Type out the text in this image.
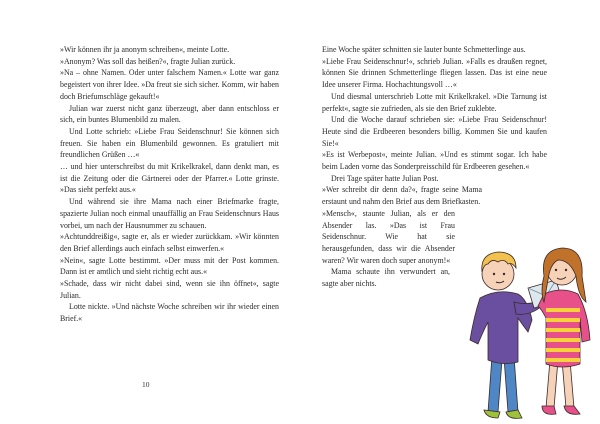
»Wir können ihr ja anonym schreiben«, meinte Lotte.

»Anonym? Was soll das heißen?«, fragte Julian zurück.

»Na – ohne Namen. Oder unter falschem Namen.« Lotte war ganz begeistert von ihrer Idee. »Da freut sie sich sicher. Komm, wir haben doch Briefumschläge gekauft!«

Julian war zuerst nicht ganz überzeugt, aber dann entschloss er sich, ein buntes Blumenbild zu malen.

Und Lotte schrieb: »Liebe Frau Seidenschnur! Sie können sich freuen. Sie haben ein Blumenbild gewonnen. Es gratuliert mit freundlichen Grüßen …«

… und hier unterschreibst du mit Krikelkrakel, dann denkt man, es ist die Zeitung oder die Gärtnerei oder der Pfarrer.« Lotte grinste. »Das sieht perfekt aus.«

Und während sie ihre Mama nach einer Briefmarke fragte, spazierte Julian noch einmal unauffällig an Frau Seidenschnurs Haus vorbei, um nach der Hausnummer zu schauen.

»Achtunddreißig«, sagte er, als er wieder zurückkam. »Wir könnten den Brief allerdings auch einfach selbst einwerfen.«

»Nein«, sagte Lotte bestimmt. »Der muss mit der Post kommen. Dann ist er amtlich und sieht richtig echt aus.«

»Schade, dass wir nicht dabei sind, wenn sie ihn öffnet«, sagte Julian.

Lotte nickte. »Und nächste Woche schreiben wir ihr wieder einen Brief.«

10

Eine Woche später schnitten sie lauter bunte Schmetterlinge aus.

»Liebe Frau Seidenschnur!«, schrieb Julian. »Falls es draußen regnet, können Sie drinnen Schmetterlinge fliegen lassen. Das ist eine neue Idee unserer Firma. Hochachtungsvoll …«

Und diesmal unterschrieb Lotte mit Krikelkrakel. »Die Tarnung ist perfekt«, sagte sie zufrieden, als sie den Brief zuklebte.

Und die Woche darauf schrieben sie: »Liebe Frau Seidenschnur! Heute sind die Erdbeeren besonders billig. Kommen Sie und kaufen Sie!«

»Es ist Werbepost«, meinte Julian. »Und es stimmt sogar. Ich habe beim Laden vorne das Sonderpreisschild für Erdbeeren gesehen.«

Drei Tage später hatte Julian Post.

»Wer schreibt dir denn da?«, fragte seine Mama erstaunt und nahm den Brief aus dem Briefkasten.

»Mensch«, staunte Julian, als er den Absender las. »Das ist Frau Seidenschnur. Wie hat sie herausgefunden, dass wir die Absender waren? Wir waren doch super anonym!«

Mama schaute ihn verwundert an, sagte aber nichts.
